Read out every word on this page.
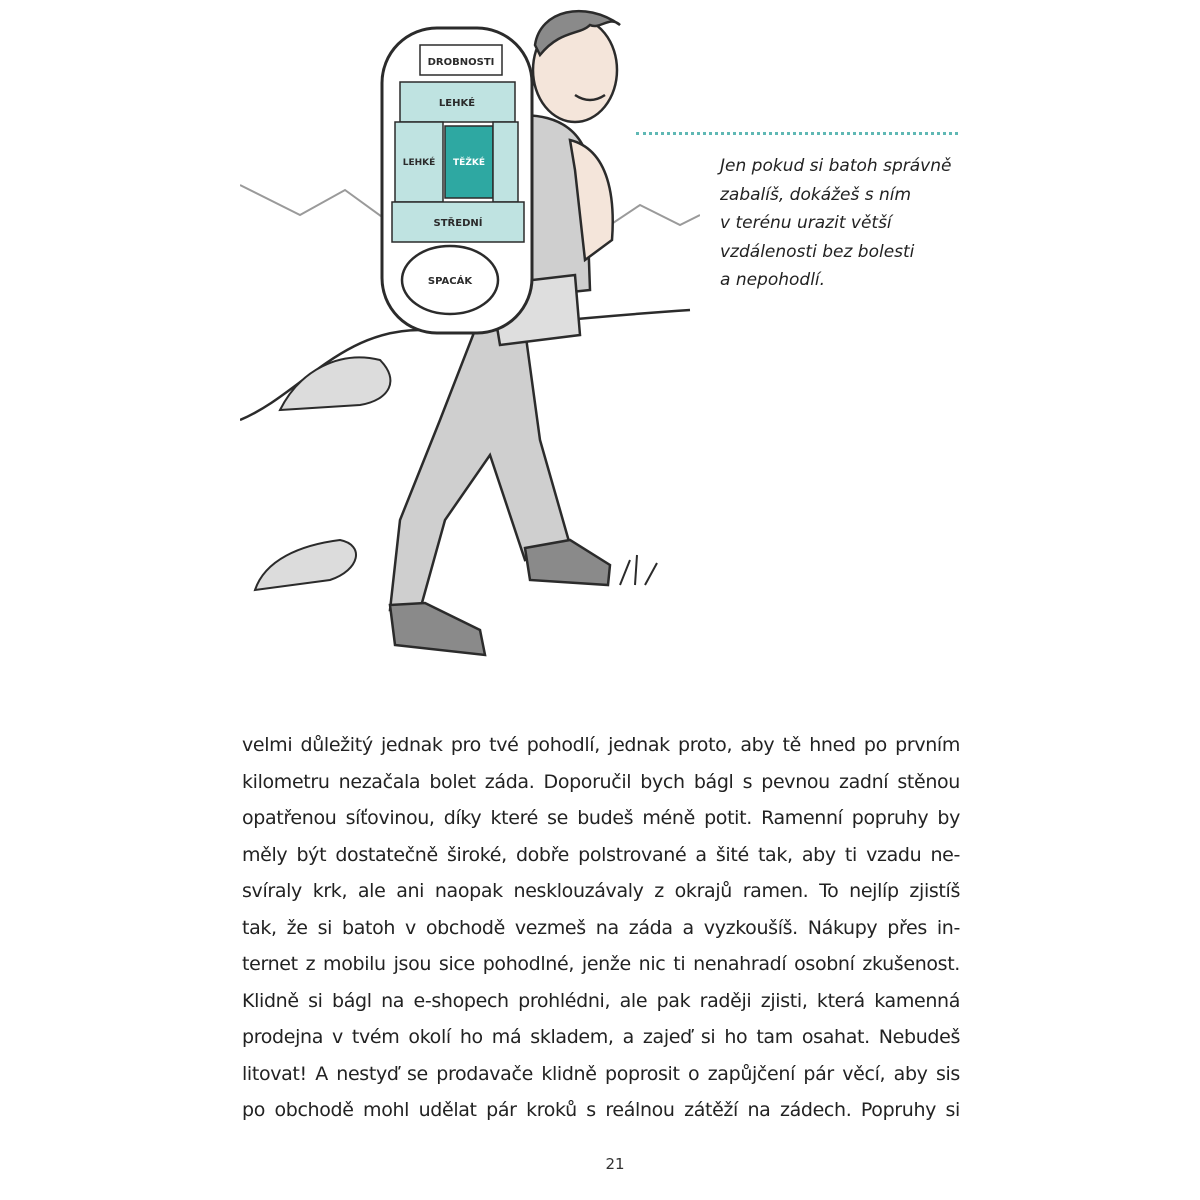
DROBNOSTI
LEHKÉ
LEHKÉ TĚŽKÉ
STŘEDNÍ
SPACÁK
Jen pokud si batoh správně
zabalíš, dokážeš s ním
v terénu urazit větší
vzdálenosti bez bolesti
a nepohodlí.
velmi důležitý jednak pro tvé pohodlí, jednak proto, aby tě hned po prvním
kilometru nezačala bolet záda. Doporučil bych bágl s pevnou zadní stěnou
opatřenou síťovinou, díky které se budeš méně potit. Ramenní popruhy by
měly být dostatečně široké, dobře polstrované a šité tak, aby ti vzadu ne-
svíraly krk, ale ani naopak nesklouzávaly z okrajů ramen. To nejlíp zjistíš
tak, že si batoh v obchodě vezmeš na záda a vyzkoušíš. Nákupy přes in-
ternet z mobilu jsou sice pohodlné, jenže nic ti nenahradí osobní zkušenost.
Klidně si bágl na e-shopech prohlédni, ale pak raději zjisti, která kamenná
prodejna v tvém okolí ho má skladem, a zajeď si ho tam osahat. Nebudeš
litovat! A nestyď se prodavače klidně poprosit o zapůjčení pár věcí, aby sis
po obchodě mohl udělat pár kroků s reálnou zátěží na zádech. Popruhy si
21
